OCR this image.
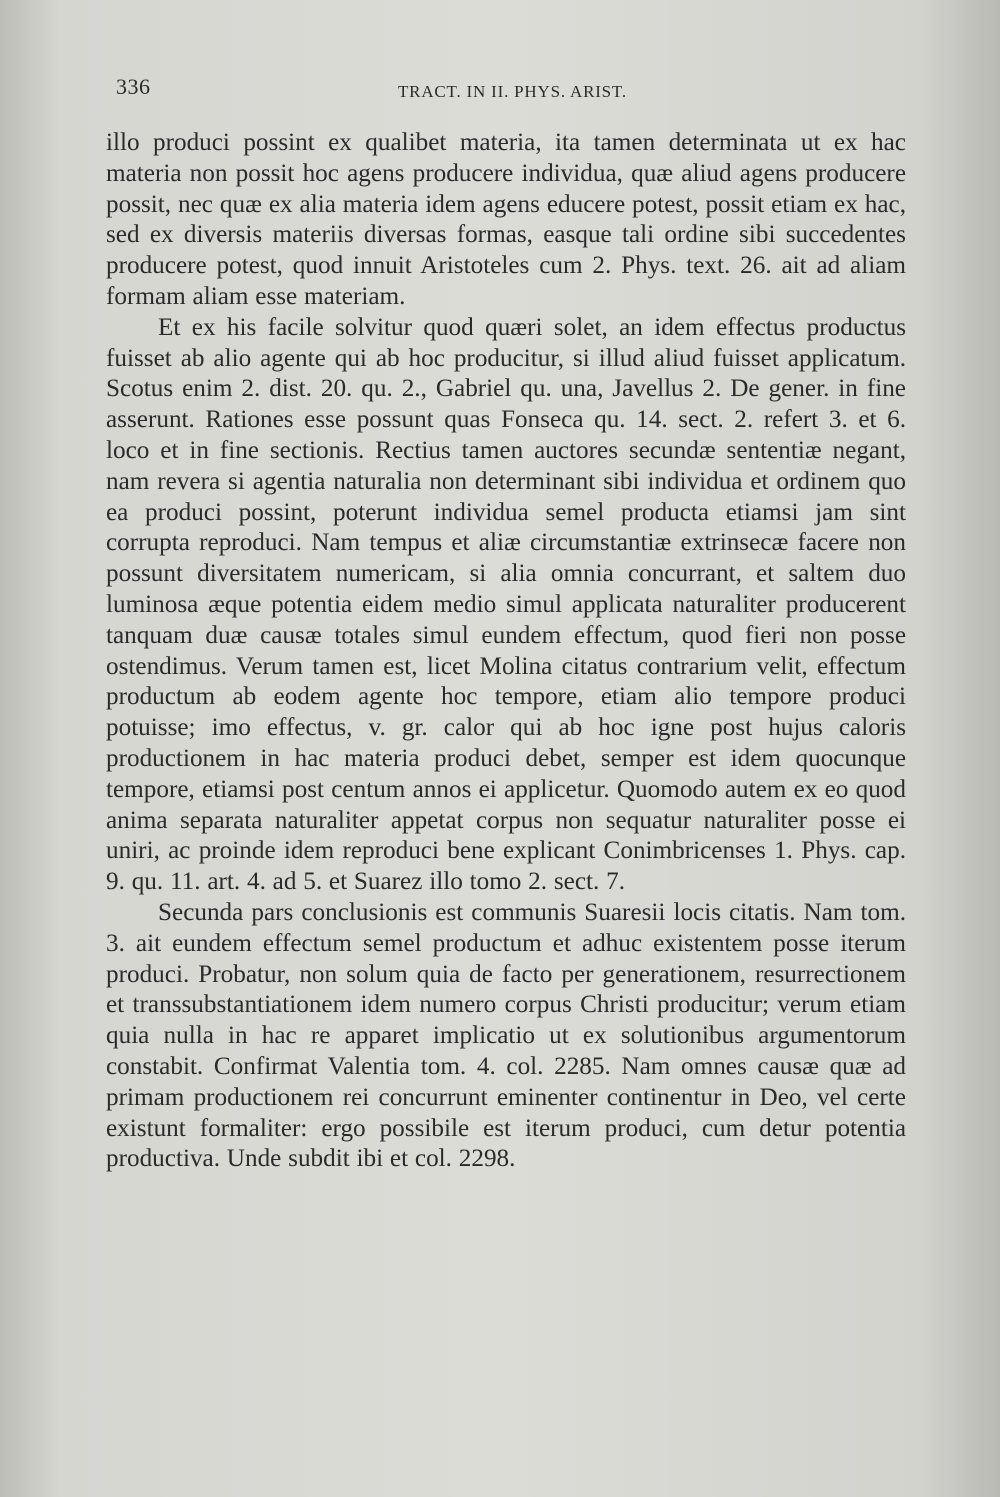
336	TRACT. IN II. PHYS. ARIST.

illo produci possint ex qualibet materia, ita tamen determinata ut ex hac materia non possit hoc agens producere individua, quæ aliud agens producere possit, nec quæ ex alia materia idem agens educere potest, possit etiam ex hac, sed ex diversis materiis diversas formas, easque tali ordine sibi succedentes producere potest, quod innuit Aristoteles cum 2. Phys. text. 26. ait ad aliam formam aliam esse materiam.

Et ex his facile solvitur quod quæri solet, an idem effectus productus fuisset ab alio agente qui ab hoc producitur, si illud aliud fuisset applicatum. Scotus enim 2. dist. 20. qu. 2., Gabriel qu. una, Javellus 2. De gener. in fine asserunt. Rationes esse possunt quas Fonseca qu. 14. sect. 2. refert 3. et 6. loco et in fine sectionis. Rectius tamen auctores secundæ sententiæ negant, nam revera si agentia naturalia non determinant sibi individua et ordinem quo ea produci possint, poterunt individua semel producta etiamsi jam sint corrupta reproduci. Nam tempus et aliæ circumstantiæ extrinsecæ facere non possunt diversitatem numericam, si alia omnia concurrant, et saltem duo luminosa æque potentia eidem medio simul applicata naturaliter producerent tanquam duæ causæ totales simul eundem effectum, quod fieri non posse ostendimus. Verum tamen est, licet Molina citatus contrarium velit, effectum productum ab eodem agente hoc tempore, etiam alio tempore produci potuisse; imo effectus, v. gr. calor qui ab hoc igne post hujus caloris productionem in hac materia produci debet, semper est idem quocunque tempore, etiamsi post centum annos ei applicetur. Quomodo autem ex eo quod anima separata naturaliter appetat corpus non sequatur naturaliter posse ei uniri, ac proinde idem reproduci bene explicant Conimbricenses 1. Phys. cap. 9. qu. 11. art. 4. ad 5. et Suarez illo tomo 2. sect. 7.

Secunda pars conclusionis est communis Suaresii locis citatis. Nam tom. 3. ait eundem effectum semel productum et adhuc existentem posse iterum produci. Probatur, non solum quia de facto per generationem, resurrectionem et transsubstantiationem idem numero corpus Christi producitur; verum etiam quia nulla in hac re apparet implicatio ut ex solutionibus argumentorum constabit. Confirmat Valentia tom. 4. col. 2285. Nam omnes causæ quæ ad primam productionem rei concurrunt eminenter continentur in Deo, vel certe existunt formaliter: ergo possibile est iterum produci, cum detur potentia productiva. Unde subdit ibi et col. 2298.
